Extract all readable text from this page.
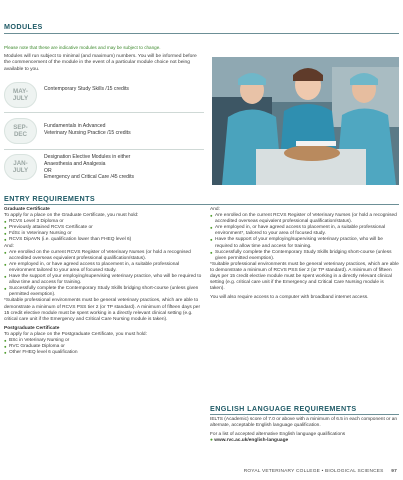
MODULES
Please note that these are indicative modules and may be subject to change.
Modules will run subject to minimal (and maximum) numbers. You will be informed before the commencement of the module in the event of a particular module choice not being available to you.
MAY-
JULY
Contemporary Study Skills /15 credits
SEP-
DEC
Fundamentals in Advanced
Veterinary Nursing Practice /15 credits
JAN-
JULY
Designation Elective Modules in either
Anaesthesia and Analgesia
OR
Emergency and Critical Care /45 credits
ENTRY REQUIREMENTS
Graduate Certificate
To apply for a place on the Graduate Certificate, you must hold:
● RCVS Level 3 Diploma or
● Previously attained RCVS Certificate or
● FdSc in Veterinary Nursing or
● RCVS DipAVN (i.e. qualification lower than FHEQ level 6)
And:
● Are enrolled on the current RCVS Register of Veterinary Nurses (or hold a recognised accredited overseas equivalent professional qualification/status).
● Are employed in, or have agreed access to placement in, a suitable professional environment tailored to your area of focused study.
● Have the support of your employing/supervising veterinary practice, who will be required to allow time and access for training.
● Successfully complete the Contemporary Study Skills bridging short-course (unless given permitted exemption).
*Suitable professional environments must be general veterinary practices, which are able to demonstrate a minimum of RCVS PSS tier 2 (or TP standard). A minimum of fifteen days per 15 credit elective module must be spent working in a directly relevant clinical setting (e.g. critical care unit if the Emergency and Critical Care Nursing module is taken).
Postgraduate Certificate
To apply for a place on the Postgraduate Certificate, you must hold:
● BSc in Veterinary Nursing or
● RVC Graduate Diploma or
● Other FHEQ level 6 qualification
And:
● Are enrolled on the current RCVS Register of Veterinary Nurses (or hold a recognised accredited overseas equivalent professional qualification/status).
● Are employed in, or have agreed access to placement in, a suitable professional environment*, tailored to your area of focused study.
● Have the support of your employing/supervising veterinary practice, who will be required to allow time and access for training.
● Successfully complete the Contemporary Study Skills bridging short-course (unless given permitted exemption).
*Suitable professional environments must be general veterinary practices, which are able to demonstrate a minimum of RCVS PSS tier 2 (or TP standard). A minimum of fifteen days per 15 credit elective module must be spent working in a directly relevant clinical setting (e.g. critical care unit if the Emergency and Critical Care Nursing module is taken).
You will also require access to a computer with broadband internet access.
ENGLISH LANGUAGE REQUIREMENTS
IELTS (Academic) score of 7.0 or above with a minimum of 6.5 in each component or an alternate, acceptable English language qualification.
For a list of accepted alternative English language qualifications
● www.rvc.ac.uk/english-language
ROYAL VETERINARY COLLEGE • BIOLOGICAL SCIENCES 97
